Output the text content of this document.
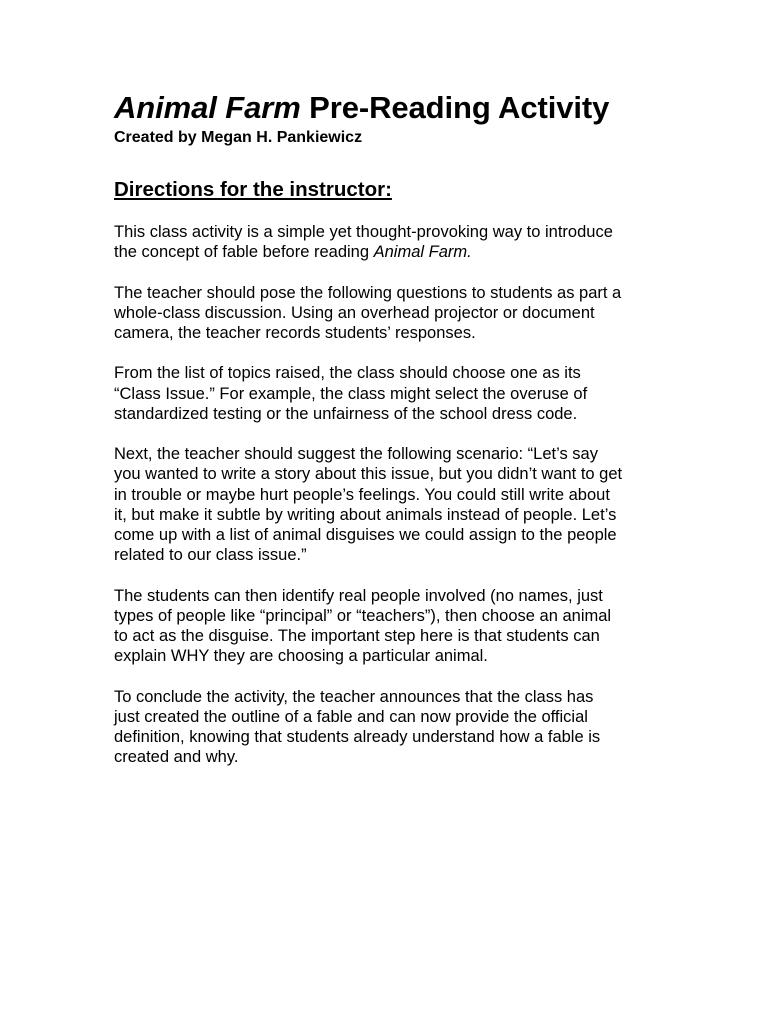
Animal Farm Pre-Reading Activity

Created by Megan H. Pankiewicz

Directions for the instructor:

This class activity is a simple yet thought-provoking way to introduce
the concept of fable before reading Animal Farm.

The teacher should pose the following questions to students as part a
whole-class discussion. Using an overhead projector or document
camera, the teacher records students’ responses.

From the list of topics raised, the class should choose one as its
“Class Issue.” For example, the class might select the overuse of
standardized testing or the unfairness of the school dress code.

Next, the teacher should suggest the following scenario: “Let’s say
you wanted to write a story about this issue, but you didn’t want to get
in trouble or maybe hurt people’s feelings. You could still write about
it, but make it subtle by writing about animals instead of people. Let’s
come up with a list of animal disguises we could assign to the people
related to our class issue.”

The students can then identify real people involved (no names, just
types of people like “principal” or “teachers”), then choose an animal
to act as the disguise. The important step here is that students can
explain WHY they are choosing a particular animal.

To conclude the activity, the teacher announces that the class has
just created the outline of a fable and can now provide the official
definition, knowing that students already understand how a fable is
created and why.
